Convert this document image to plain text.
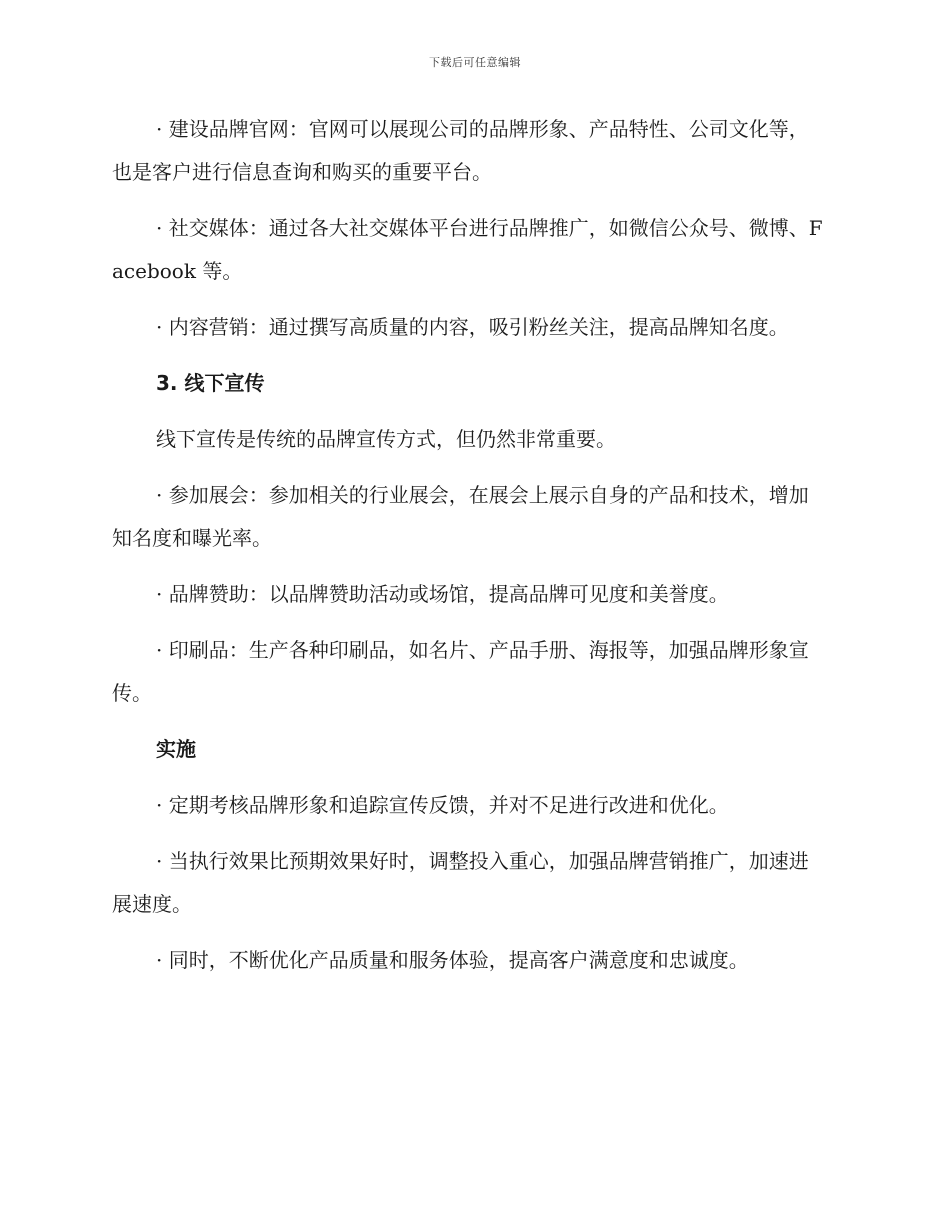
下载后可任意编辑

· 建设品牌官网：官网可以展现公司的品牌形象、产品特性、公司文化等，也是客户进行信息查询和购买的重要平台。

· 社交媒体：通过各大社交媒体平台进行品牌推广，如微信公众号、微博、Facebook 等。

· 内容营销：通过撰写高质量的内容，吸引粉丝关注，提高品牌知名度。

3. 线下宣传

线下宣传是传统的品牌宣传方式，但仍然非常重要。

· 参加展会：参加相关的行业展会，在展会上展示自身的产品和技术，增加知名度和曝光率。

· 品牌赞助：以品牌赞助活动或场馆，提高品牌可见度和美誉度。

· 印刷品：生产各种印刷品，如名片、产品手册、海报等，加强品牌形象宣传。

实施

· 定期考核品牌形象和追踪宣传反馈，并对不足进行改进和优化。

· 当执行效果比预期效果好时，调整投入重心，加强品牌营销推广，加速进展速度。

· 同时，不断优化产品质量和服务体验，提高客户满意度和忠诚度。
